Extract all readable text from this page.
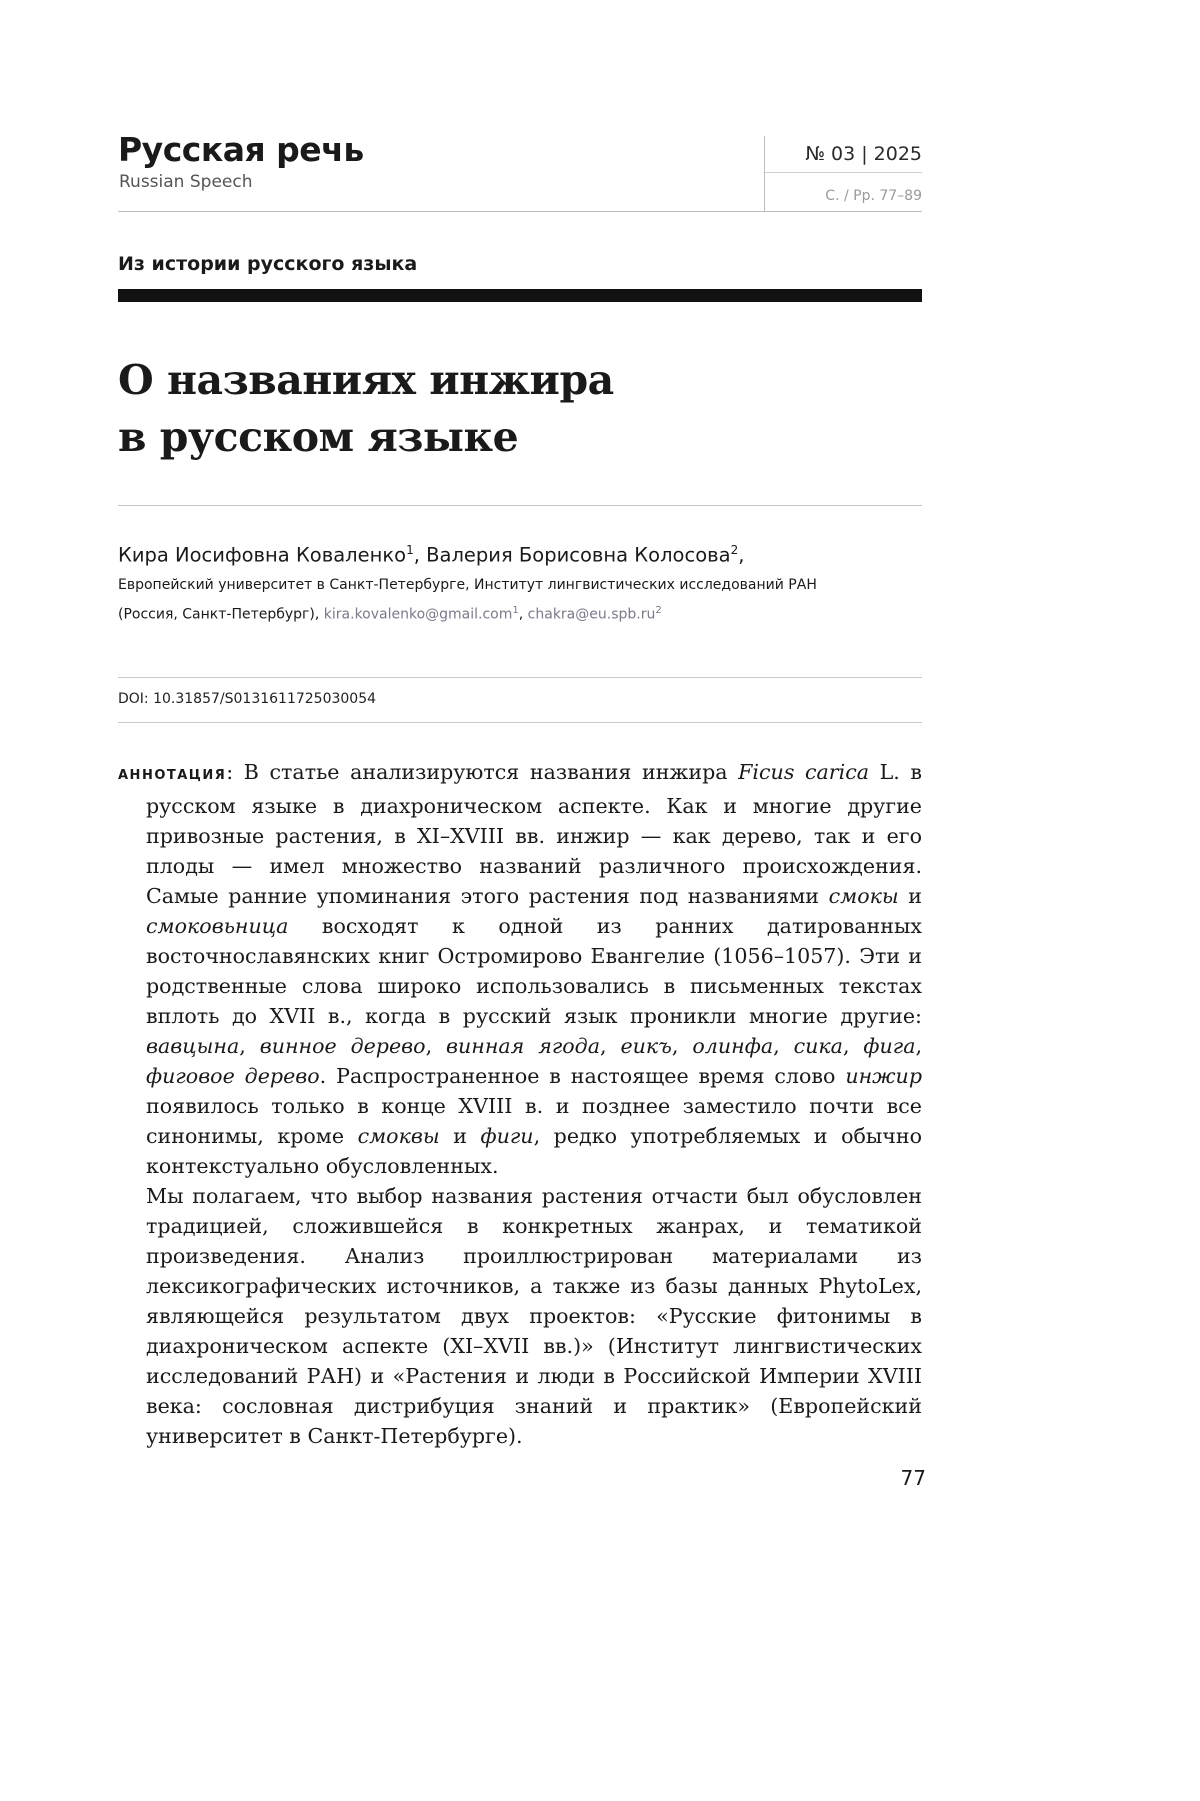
Русская речь

Russian Speech

№ 03 | 2025

С. / Pp. 77–89

Из истории русского языка

О названиях инжира
в русском языке

Кира Иосифовна Коваленко$^1$, Валерия Борисовна Колосова$^2$,

Европейский университет в Санкт-Петербурге, Институт лингвистических исследований РАН

(Россия, Санкт-Петербург), kira.kovalenko@gmail.com$^1$, $chakra@eu.spb.ru^2$

DOI: 10.31857/S0131611725030054

АННОТАЦИЯ: В статье анализируются названия инжира Ficus carica L. в русском языке в диахроническом аспекте. Как и многие другие привозные растения, в XI–XVIII вв. инжир — как дерево, так и его плоды — имел множество названий различного происхождения. Самые ранние упоминания этого растения под названиями смокы и смоковьница восходят к одной из ранних датированных восточнославянских книг Остромирово Евангелие (1056–1057). Эти и родственные слова широко использовались в письменных текстах вплоть до XVII в., когда в русский язык проникли многие другие: вавцына, винное дерево, винная ягода, еикъ, олинфа, сика, фига, фиговое дерево. Распространенное в настоящее время слово инжир появилось только в конце XVIII в. и позднее заместило почти все синонимы, кроме смоквы и фиги, редко употребляемых и обычно контекстуально обусловленных.

Мы полагаем, что выбор названия растения отчасти был обусловлен традицией, сложившейся в конкретных жанрах, и тематикой произведения. Анализ проиллюстрирован материалами из лексикографических источников, а также из базы данных PhytoLex, являющейся результатом двух проектов: «Русские фитонимы в диахроническом аспекте (XI–XVII вв.)» (Институт лингвистических исследований РАН) и «Растения и люди в Российской Империи XVIII века: сословная дистрибуция знаний и практик» (Европейский университет в Санкт-Петербурге).

77
